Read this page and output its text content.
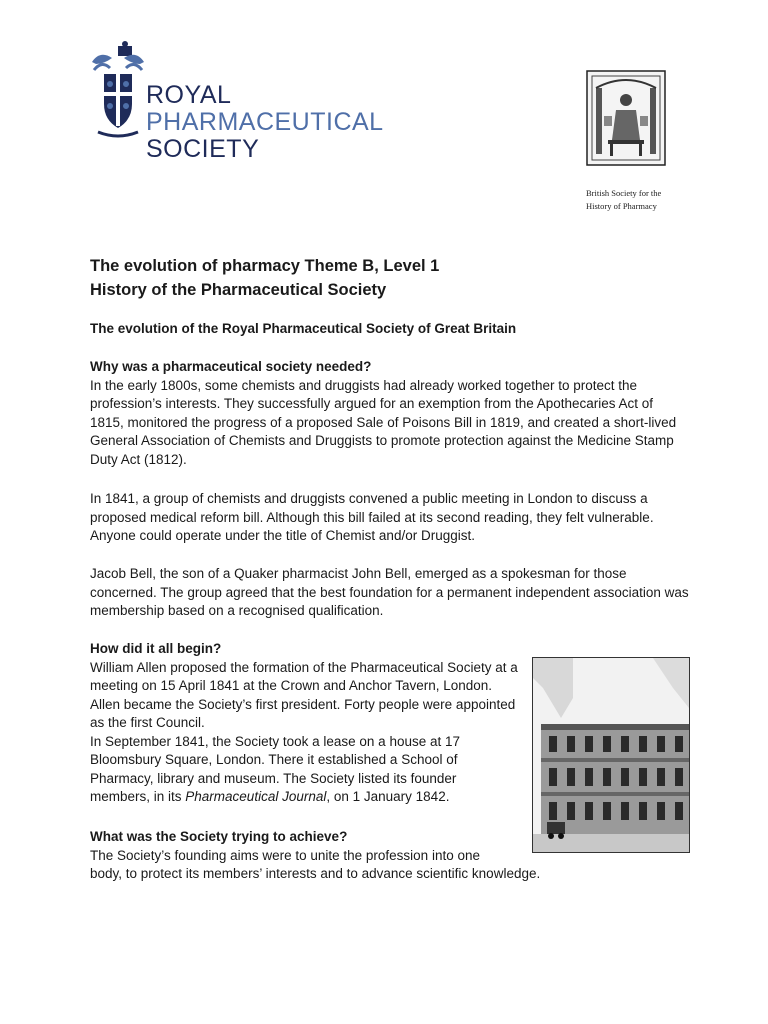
ROYAL
PHARMACEUTICAL
SOCIETY
British Society for the
History of Pharmacy
The evolution of pharmacy Theme B, Level 1
History of the Pharmaceutical Society
The evolution of the Royal Pharmaceutical Society of Great Britain
Why was a pharmaceutical society needed?

In the early 1800s, some chemists and druggists had already worked together to protect the profession’s interests. They successfully argued for an exemption from the Apothecaries Act of 1815, monitored the progress of a proposed Sale of Poisons Bill in 1819, and created a short-lived General Association of Chemists and Druggists to promote protection against the Medicine Stamp Duty Act (1812).

In 1841, a group of chemists and druggists convened a public meeting in London to discuss a proposed medical reform bill. Although this bill failed at its second reading, they felt vulnerable. Anyone could operate under the title of Chemist and/or Druggist.

Jacob Bell, the son of a Quaker pharmacist John Bell, emerged as a spokesman for those concerned. The group agreed that the best foundation for a permanent independent association was membership based on a recognised qualification.

How did it all begin?

William Allen proposed the formation of the Pharmaceutical Society at a meeting on 15 April 1841 at the Crown and Anchor Tavern, London. Allen became the Society’s first president. Forty people were appointed as the first Council.

In September 1841, the Society took a lease on a house at 17 Bloomsbury Square, London. There it established a School of Pharmacy, library and museum. The Society listed its founder members, in its Pharmaceutical Journal, on 1 January 1842.

What was the Society trying to achieve?

The Society’s founding aims were to unite the profession into one
body, to protect its members’ interests and to advance scientific knowledge.
